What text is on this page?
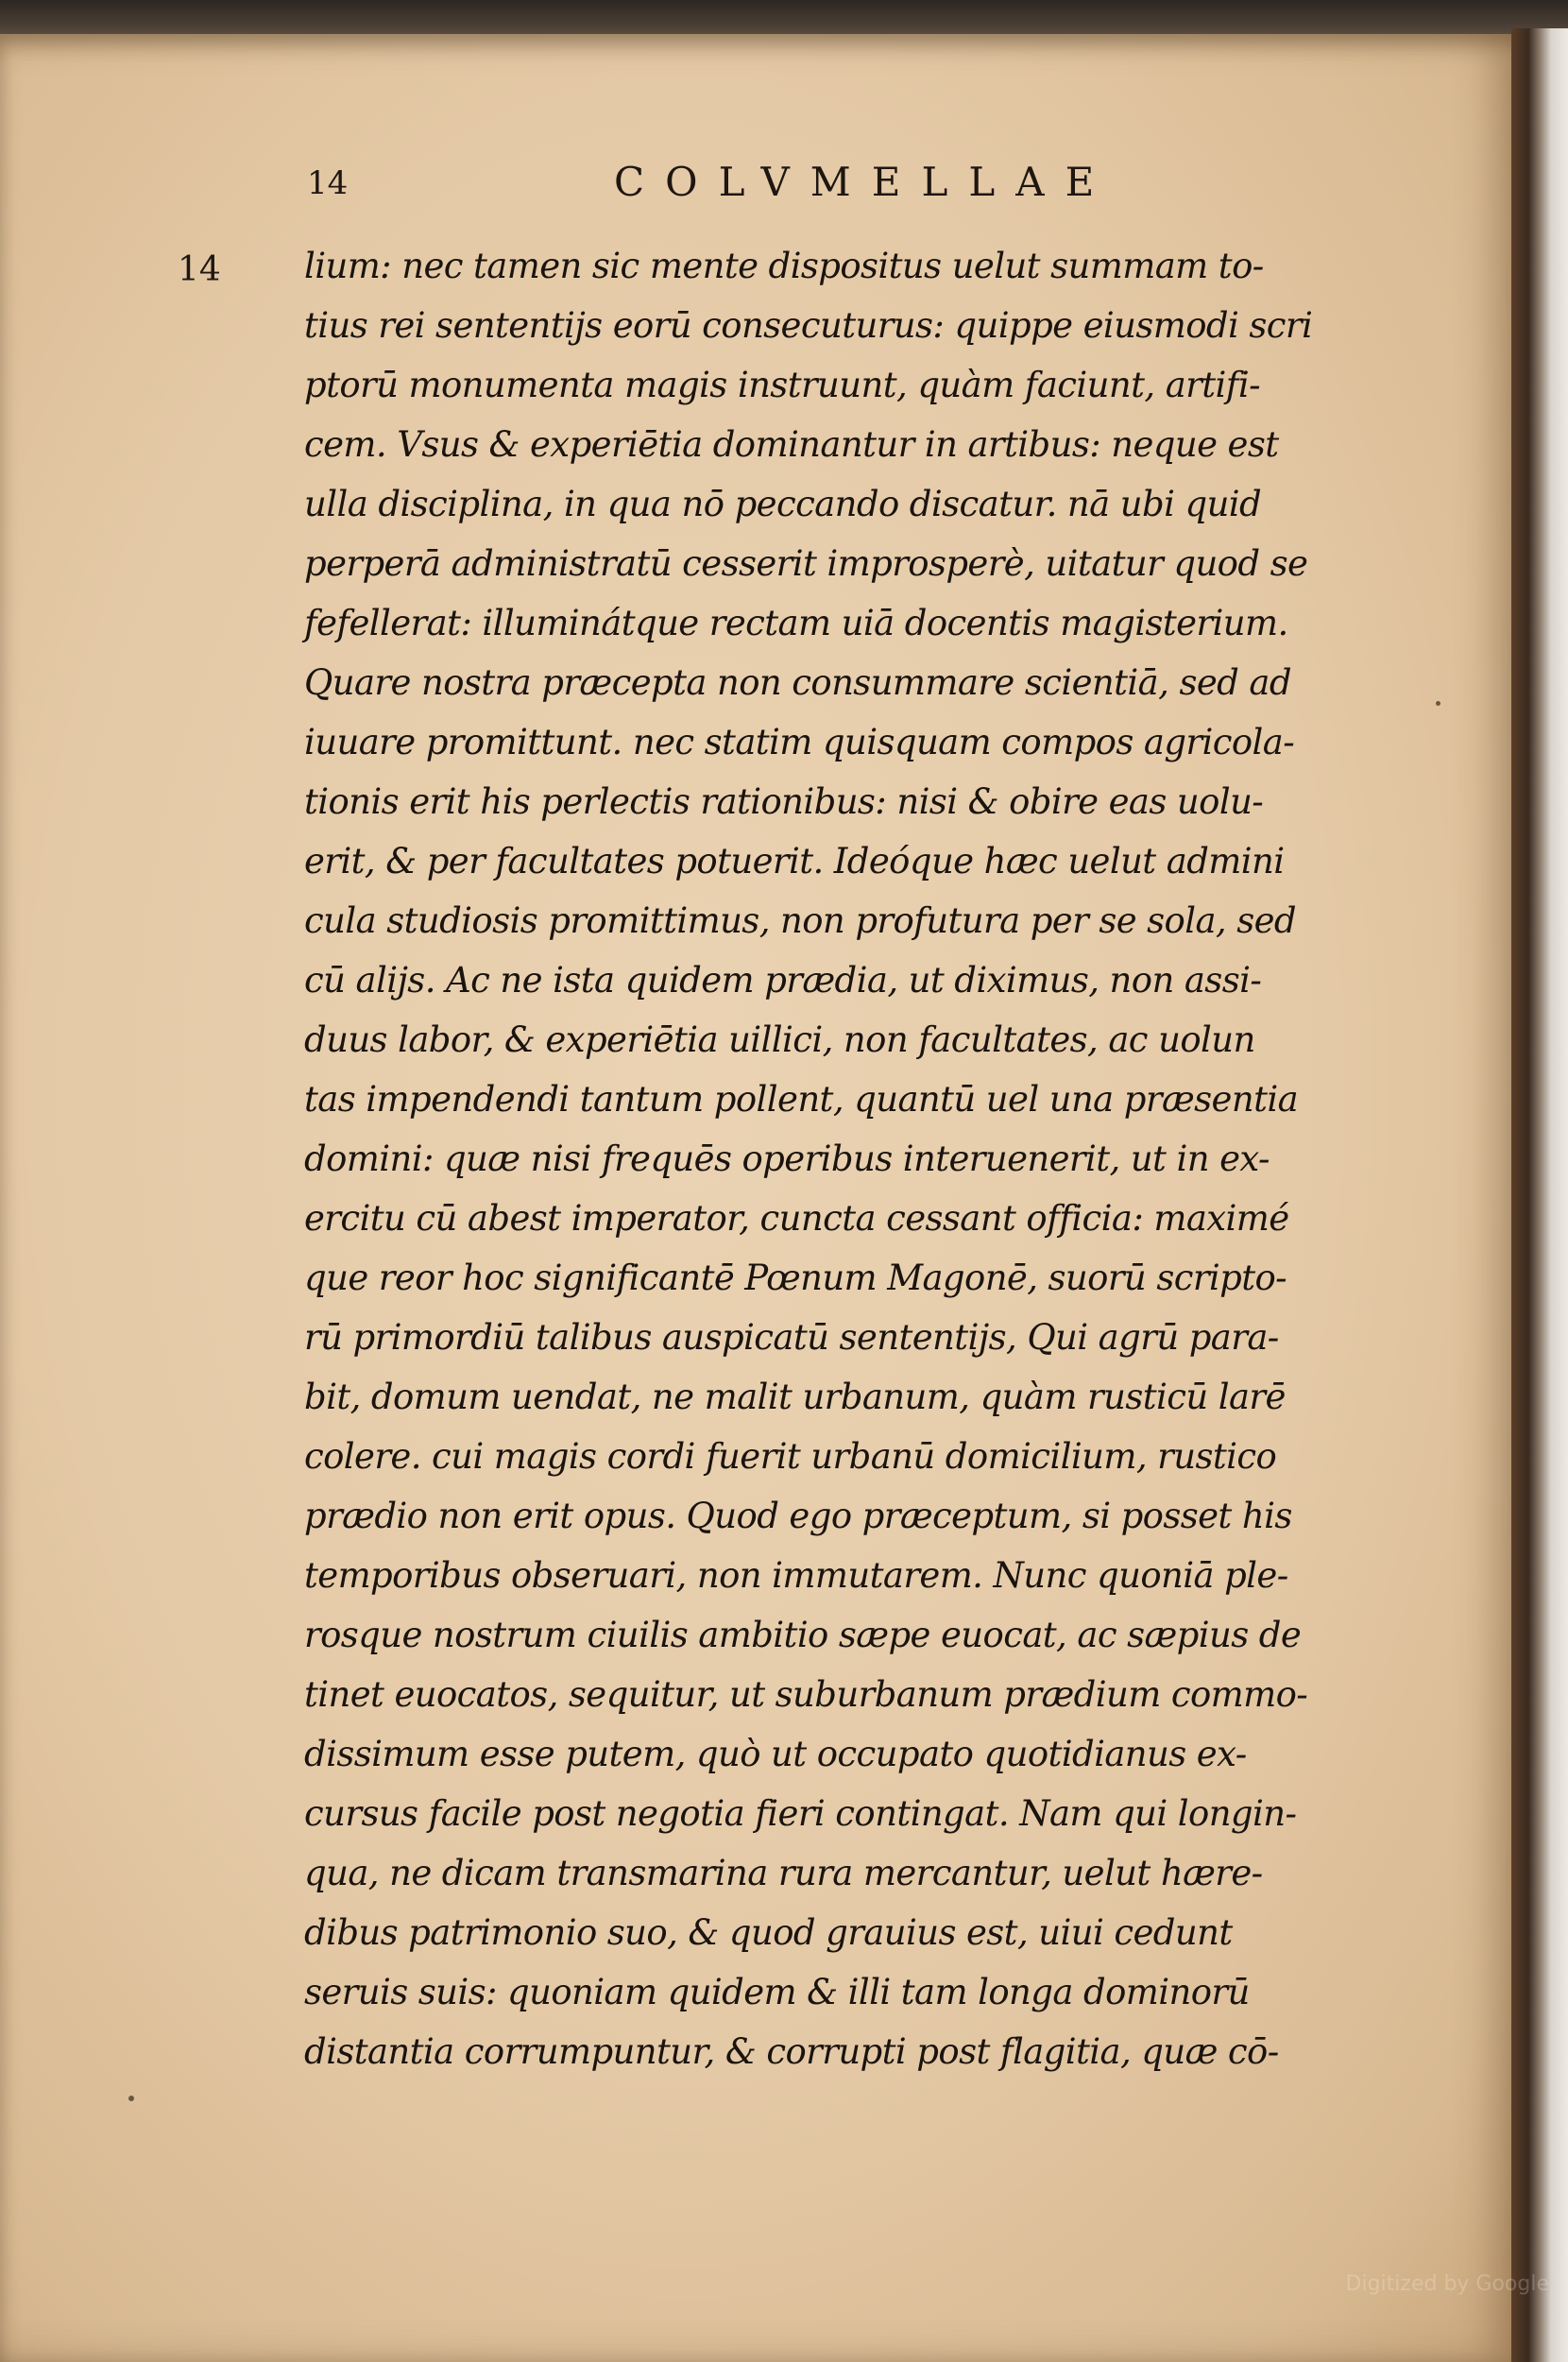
14	COLVMELLAE
14 lium: nec tamen sic mente dispositus uelut summam to-
tius rei sententijs eorū consecuturus: quippe eiusmodi scri
ptorū monumenta magis instruunt, quàm faciunt, artifi-
cem. Vsus & experiētia dominantur in artibus: neque est
ulla disciplina, in qua nō peccando discatur. nā ubi quid
perperā administratū cesserit improsperè, uitatur quod se
fefellerat: illuminátque rectam uiā docentis magisterium.
Quare nostra præcepta non consummare scientiā, sed ad
iuuare promittunt. nec statim quisquam compos agricola-
tionis erit his perlectis rationibus: nisi & obire eas uolu-
erit, & per facultates potuerit. Ideóque hæc uelut admini
cula studiosis promittimus, non profutura per se sola, sed
cū alijs. Ac ne ista quidem prædia, ut diximus, non assi-
duus labor, & experiētia uillici, non facultates, ac uolun
tas impendendi tantum pollent, quantū uel una præsentia
domini: quæ nisi frequēs operibus interuenerit, ut in ex-
ercitu cū abest imperator, cuncta cessant officia: maximé
que reor hoc significantē Pœnum Magonē, suorū scripto-
rū primordiū talibus auspicatū sententijs, Qui agrū para-
bit, domum uendat, ne malit urbanum, quàm rusticū larē
colere. cui magis cordi fuerit urbanū domicilium, rustico
prædio non erit opus. Quod ego præceptum, si posset his
temporibus obseruari, non immutarem. Nunc quoniā ple-
rosque nostrum ciuilis ambitio sæpe euocat, ac sæpius de
tinet euocatos, sequitur, ut suburbanum prædium commo-
dissimum esse putem, quò ut occupato quotidianus ex-
cursus facile post negotia fieri contingat. Nam qui longin-
qua, ne dicam transmarina rura mercantur, uelut hære-
dibus patrimonio suo, & quod grauius est, uiui cedunt
seruis suis: quoniam quidem & illi tam longa dominorū
distantia corrumpuntur, & corrupti post flagitia, quæ cō-
Digitized by Google
